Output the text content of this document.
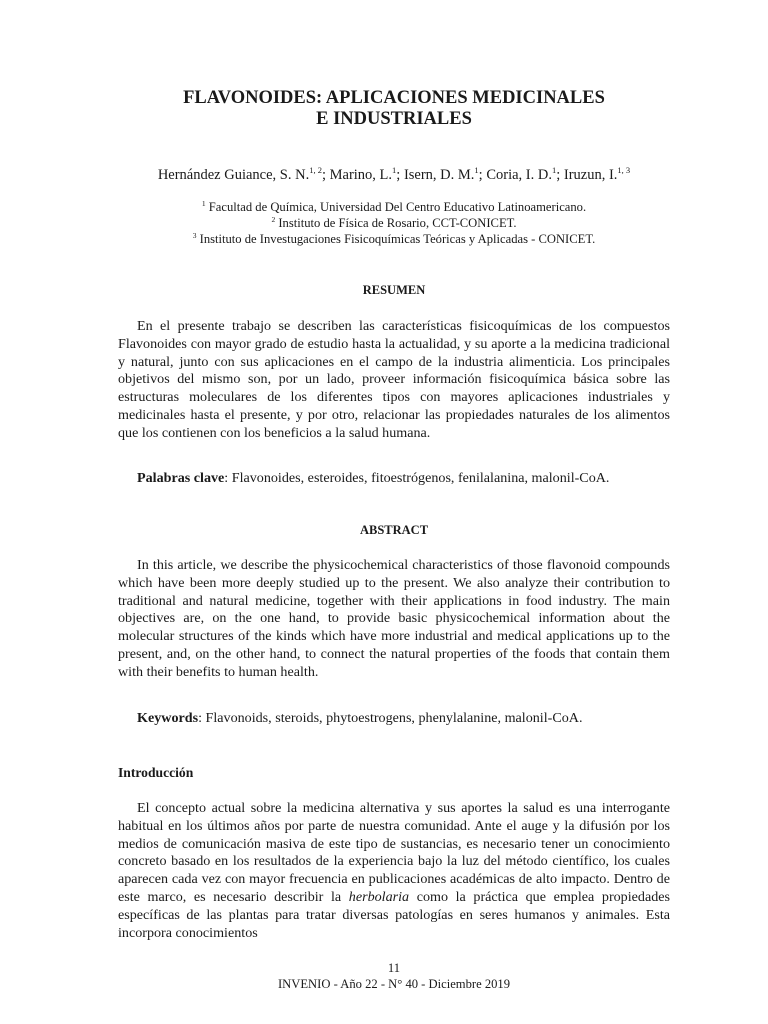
FLAVONOIDES: APLICACIONES MEDICINALES
E INDUSTRIALES
Hernández Guiance, S. N.$^{1, 2}$; Marino, L.$^1$; Isern, D. M.$^1$; Coria, I. D.$^1$; Iruzun, I.$^{1, 3}$
$^1$ Facultad de Química, Universidad Del Centro Educativo Latinoamericano.
$^2$ Instituto de Física de Rosario, CCT-CONICET.
$^3$ Instituto de Investugaciones Fisicoquímicas Teóricas y Aplicadas - CONICET.
RESUMEN

En el presente trabajo se describen las características fisicoquímicas de los compuestos Flavonoides con mayor grado de estudio hasta la actualidad, y su aporte a la medicina tradicional y natural, junto con sus aplicaciones en el campo de la industria alimenticia. Los principales objetivos del mismo son, por un lado, proveer información fisicoquímica básica sobre las estructuras moleculares de los diferentes tipos con mayores aplicaciones industriales y medicinales hasta el presente, y por otro, relacionar las propiedades naturales de los alimentos que los contienen con los beneficios a la salud humana.

Palabras clave: Flavonoides, esteroides, fitoestrógenos, fenilalanina, malonil-CoA.

ABSTRACT

In this article, we describe the physicochemical characteristics of those flavonoid compounds which have been more deeply studied up to the present. We also analyze their contribution to traditional and natural medicine, together with their applications in food industry. The main objectives are, on the one hand, to provide basic physicochemical information about the molecular structures of the kinds which have more industrial and medical applications up to the present, and, on the other hand, to connect the natural properties of the foods that contain them with their benefits to human health.

Keywords: Flavonoids, steroids, phytoestrogens, phenylalanine, malonil-CoA.

Introducción

El concepto actual sobre la medicina alternativa y sus aportes la salud es una interrogante habitual en los últimos años por parte de nuestra comunidad. Ante el auge y la difusión por los medios de comunicación masiva de este tipo de sustancias, es necesario tener un conocimiento concreto basado en los resultados de la experiencia bajo la luz del método científico, los cuales aparecen cada vez con mayor frecuencia en publicaciones académicas de alto impacto. Dentro de este marco, es necesario describir la herbolaria como la práctica que emplea propiedades específicas de las plantas para tratar diversas patologías en seres humanos y animales. Esta incorpora conocimientos

11
INVENIO - Año 22 - N° 40 - Diciembre 2019
